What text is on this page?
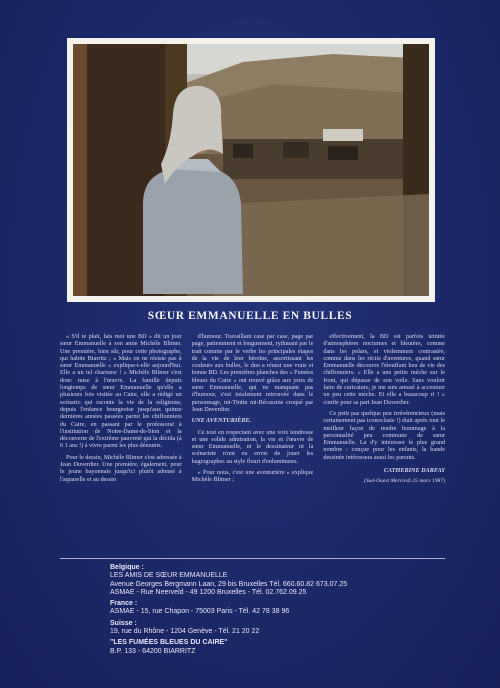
SŒUR EMMANUELLE EN BULLES

« S'il te plait, fais moi une BD » dit un jour sœur Emmanuelle à son amie Michèle Blimer. Une première, bien sûr, pour cette photographe, qui habite Biarritz ; « Mais on ne résiste pas à sœur Emmanuelle » explique-t-elle aujourd'hui. Elle a un tel charisme ! » Michèle Blimer s'est donc mise à l'œuvre. La famille depuis longtemps de sœur Emmanuelle qu'elle a plusieurs fois visitée au Caire, elle a rédigé un scénario qui raconte la vie de la religieuse, depuis l'enfance bourgeoise jusqu'aux quinze dernières années passées parmi les chiffonniers du Caire, en passant par le professorat à l'institution de Notre-Dame-de-Sion et la découverte de l'extrême pauvreté qui la décida (à 6 1 ans !) à vivre parmi les plus démunis.

Pour le dessin, Michèle Blimer s'est adressée à Jean Duverdier. Une première, également, pour le jeune bayonnais jusqu'ici plutôt adonné à l'aquarelle et au dessin

d'humour. Travaillant case par case, page par page, patiemment et longuement, rythmant par le trait comme par le verbe les principales étapes de la vie de leur héroïne, assortissant les couleurs aux bulles, le duo a réussi une vraie et bonne BD. Les premières planches des « Fumées bleues du Caire » ont trouvé grâce aux yeux de sœur Emmanuelle, qui ne manquant pas d'humour, s'est totalement retrouvée dans le personnage, mi-Tintin mi-Bécassine croqué par Jean Duverdier.

UNE AVENTURIÈRE.

Ce tout en respectant avec une voix tendresse et une solide admiration, la vie et l'œuvre de sœur Emmanuelle, ni le dessinateur ni la scénariste n'ont eu envie de jouer les hagiographes au style fleuri d'enluminures.

« Pour nous, c'est une aventurière » explique Michèle Blimer ;

effectivement, la BD est parfois teintée d'atmosphères nocturnes et bleutées, comme dans les polars, et violemment contrastée, comme dans les récits d'aventures, quand sœur Emmanuelle découvre l'étouffant lieu de vie des chiffonniers. « Elle a une petite mèche sur le front, qui dépasse de son voile. Sans vouloir faire de caricature, je me suis amusé à accentuer un peu cette mèche. Et elle a beaucoup ri ! » confie pour sa part Jean Duverdier.

Ce petit pas quelque peu irrévérencieux (mais certainement pas iconoclaste !) était après tout le meilleur façon de rendre hommage à la personnalité peu commune de sœur Emmanuelle. La d'y intéresser le plus grand nombre : conçue pour les enfants, la bande dessinée intéressera aussi les parents.

CATHERINE DARFAY

(Sud-Ouest Mercredi 25 mars 1987)

Belgique :
LES AMIS DE SŒUR EMMANUELLE
Avenue Georges Bergmann Laan, 29 bis Bruxelles Tél. 660.60.82 673.07.25
ASMAE - Rue Neerveld - 49 1200 Bruxelles - Tél. 02.762.09.25
France :
ASMAE - 15, rue Chapon - 75003 Paris - Tél. 42 78 38 96
Suisse :
19, rue du Rhône - 1204 Genève - Tél. 21 20 22
"LES FUMÉES BLEUES DU CAIRE"
B.P. 133 - 64200 BIARRITZ
